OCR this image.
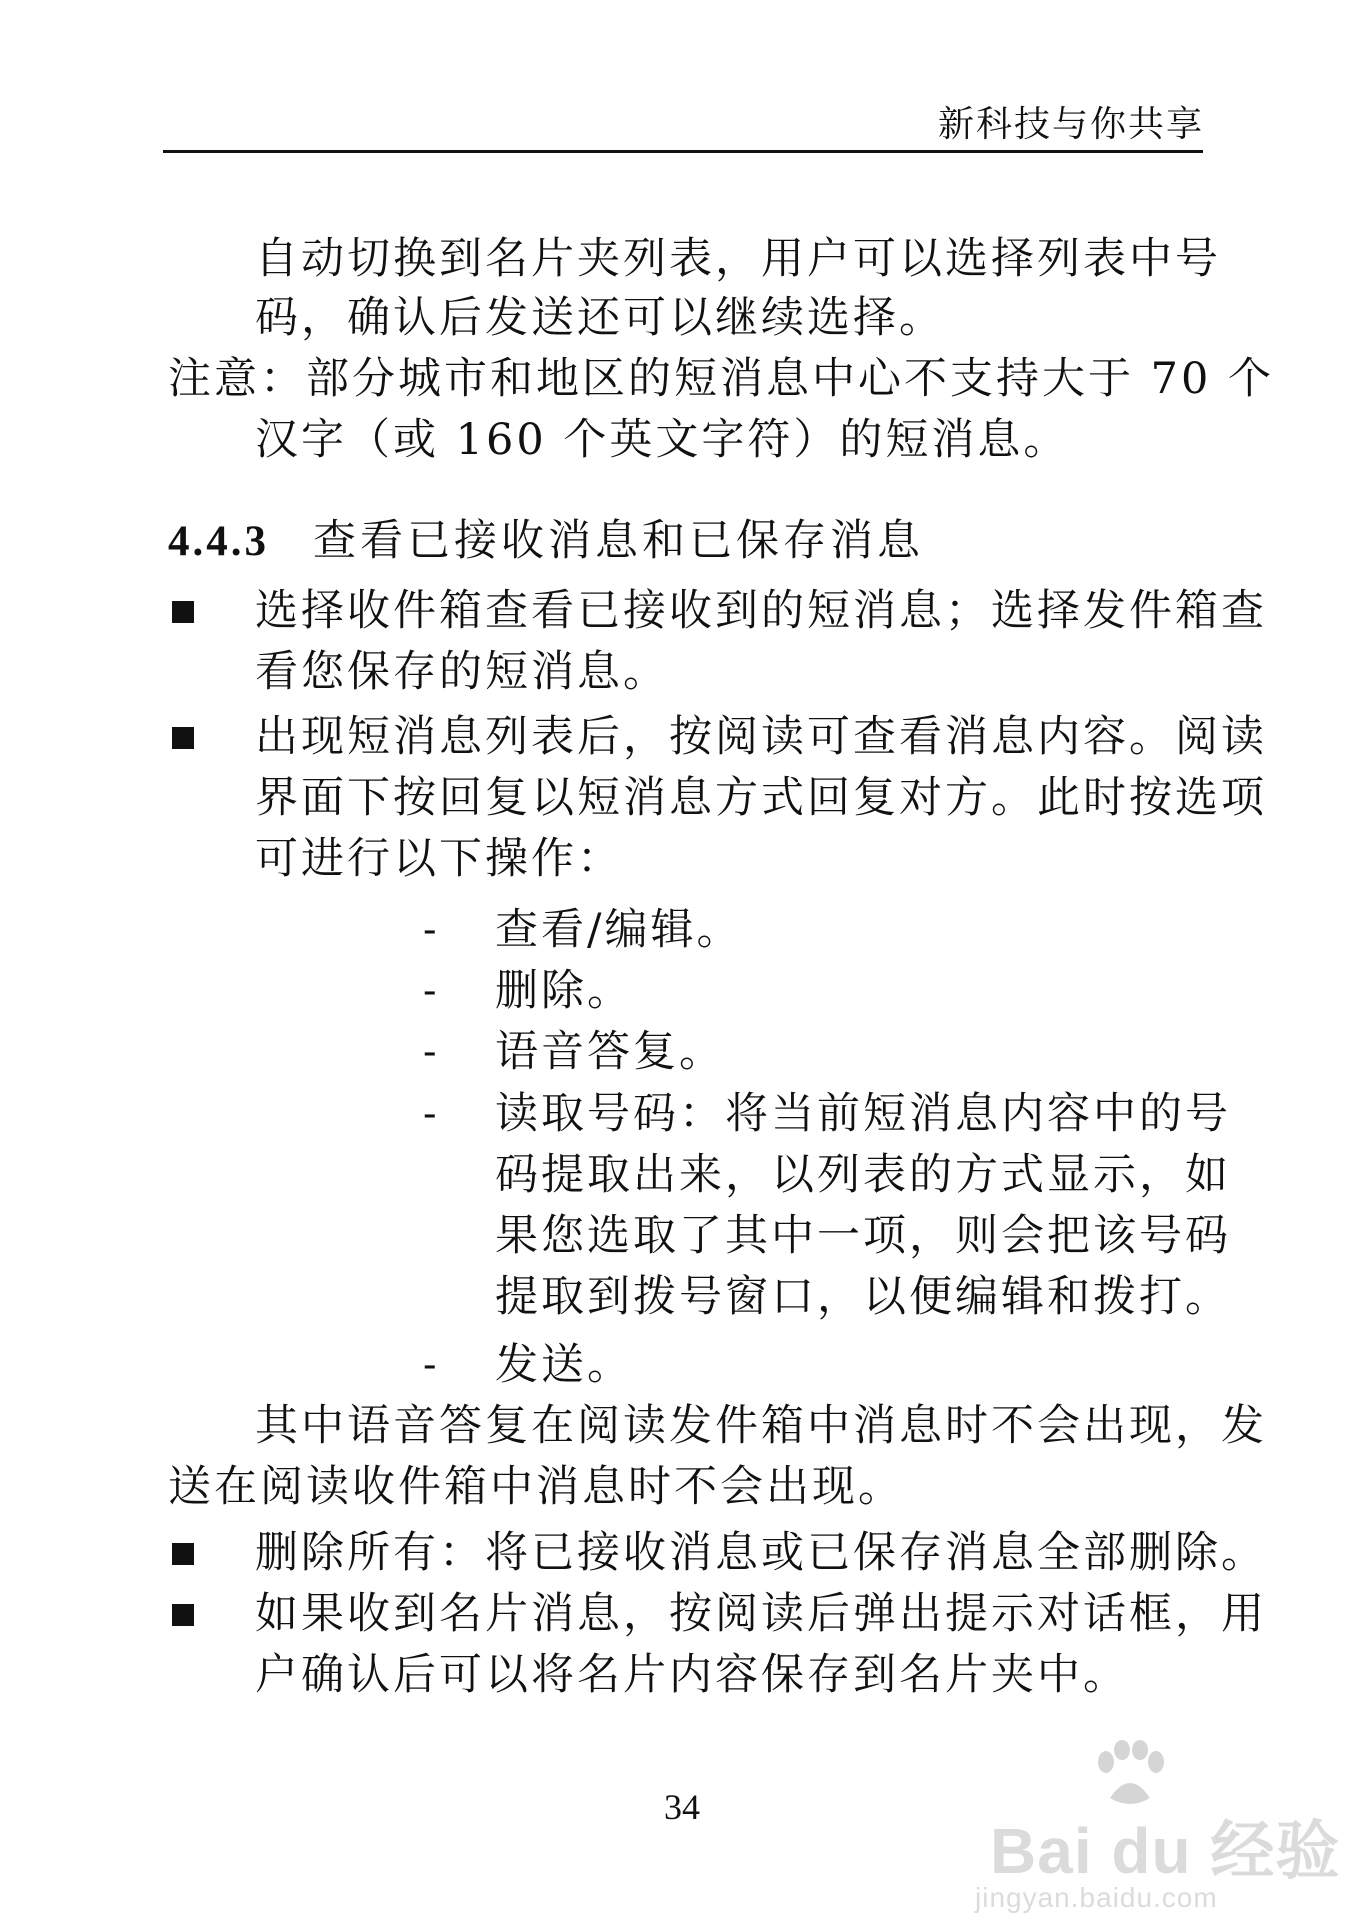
新科技与你共享
自动切换到名片夹列表，用户可以选择列表中号
码，确认后发送还可以继续选择。
注意：部分城市和地区的短消息中心不支持大于 70 个
汉字（或 160 个英文字符）的短消息。
4.4.3 查看已接收消息和已保存消息
选择收件箱查看已接收到的短消息；选择发件箱查
看您保存的短消息。
出现短消息列表后，按阅读可查看消息内容。阅读
界面下按回复以短消息方式回复对方。此时按选项
可进行以下操作：
- 查看/编辑。
- 删除。
- 语音答复。
- 读取号码：将当前短消息内容中的号
码提取出来，以列表的方式显示，如
果您选取了其中一项，则会把该号码
提取到拨号窗口，以便编辑和拨打。
- 发送。
其中语音答复在阅读发件箱中消息时不会出现，发
送在阅读收件箱中消息时不会出现。
删除所有：将已接收消息或已保存消息全部删除。
如果收到名片消息，按阅读后弹出提示对话框，用
户确认后可以将名片内容保存到名片夹中。
34
Bai du 经验
jingyan.baidu.com
